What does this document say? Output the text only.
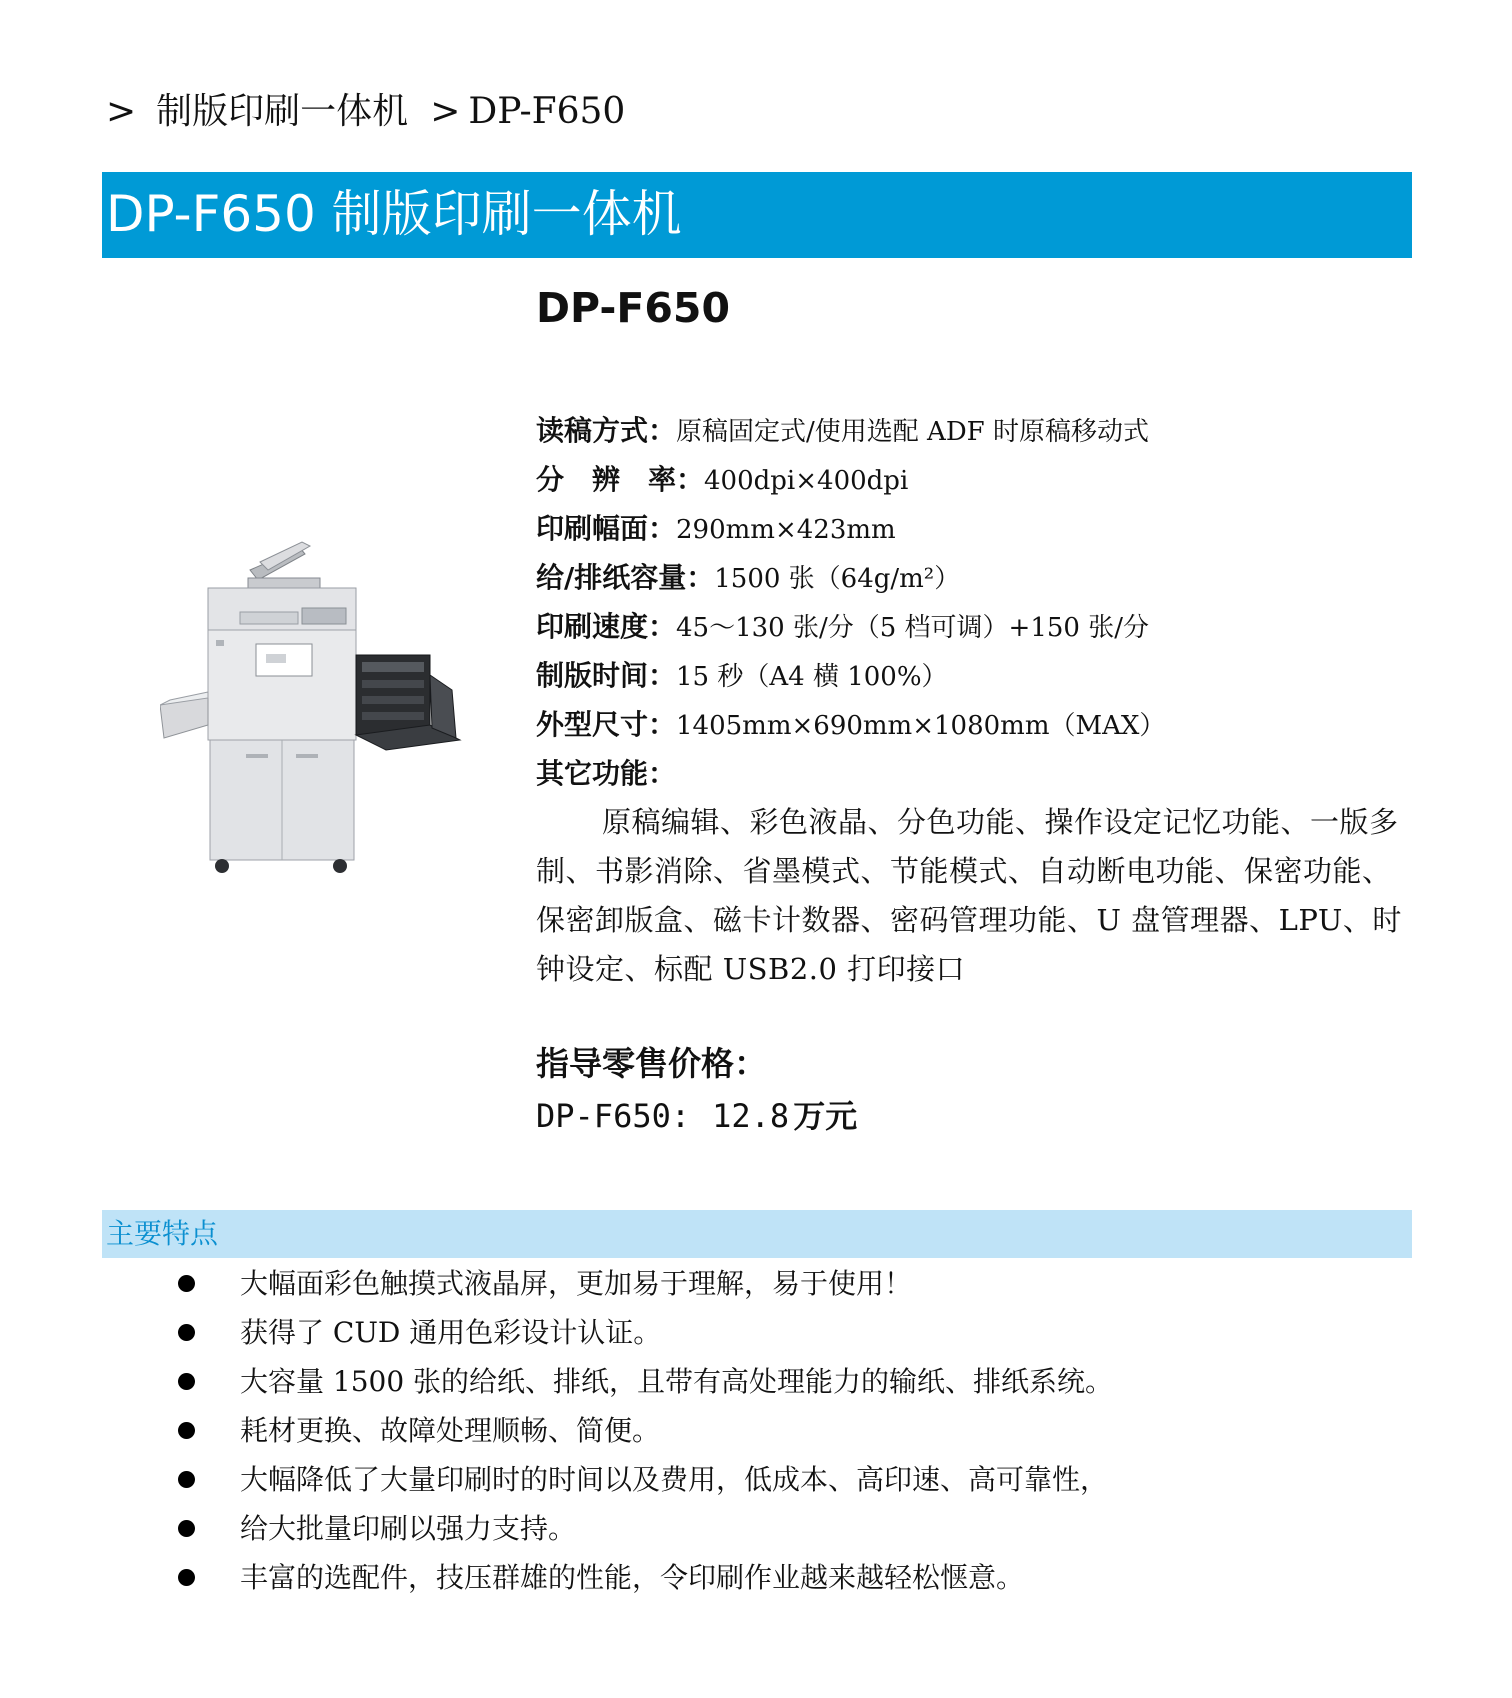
> 制版印刷一体机 > DP-F650
DP-F650 制版印刷一体机
DP-F650
读稿方式：原稿固定式/使用选配 ADF 时原稿移动式
分　辨　率：400dpi×400dpi
印刷幅面：290mm×423mm
给/排纸容量：1500 张（64g/m²）
印刷速度：45～130 张/分（5 档可调）+150 张/分
制版时间：15 秒（A4 横 100%）
外型尺寸：1405mm×690mm×1080mm（MAX）
其它功能：
原稿编辑、彩色液晶、分色功能、操作设定记忆功能、一版多制、书影消除、省墨模式、节能模式、自动断电功能、保密功能、保密卸版盒、磁卡计数器、密码管理功能、U 盘管理器、LPU、时钟设定、标配 USB2.0 打印接口
指导零售价格：
DP-F650: 12.8 万元
主要特点
大幅面彩色触摸式液晶屏，更加易于理解，易于使用！
获得了 CUD 通用色彩设计认证。
大容量 1500 张的给纸、排纸，且带有高处理能力的输纸、排纸系统。
耗材更换、故障处理顺畅、简便。
大幅降低了大量印刷时的时间以及费用，低成本、高印速、高可靠性，
给大批量印刷以强力支持。
丰富的选配件，技压群雄的性能，令印刷作业越来越轻松惬意。
